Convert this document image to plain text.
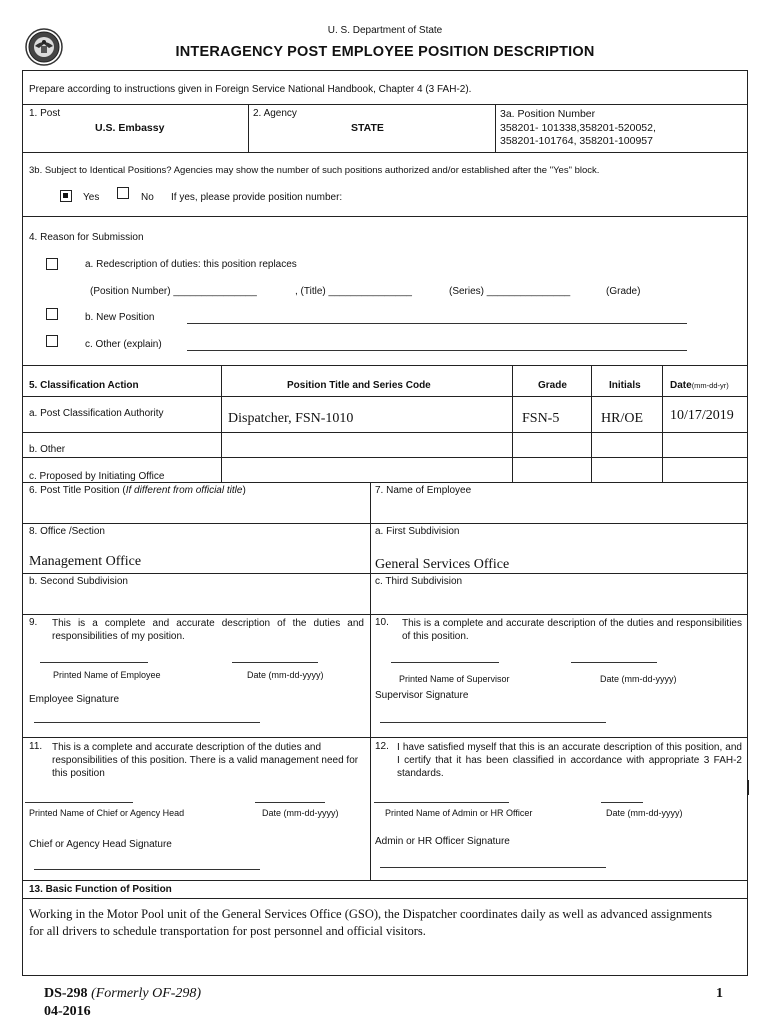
U. S. Department of State
INTERAGENCY POST EMPLOYEE POSITION DESCRIPTION
Prepare according to instructions given in Foreign Service National Handbook, Chapter 4 (3 FAH-2).
1. Post
U.S. Embassy
2. Agency
STATE
3a. Position Number
358201- 101338,358201-520052,
358201-101764, 358201-100957
3b. Subject to Identical Positions? Agencies may show the number of such positions authorized and/or established after the "Yes" block.
Yes	No If yes, please provide position number:
4. Reason for Submission
a. Redescription of duties: this position replaces
(Position Number) _______________	, (Title) _______________	(Series) _______________	(Grade)
b. New Position
c. Other (explain)
5. Classification Action	Position Title and Series Code	Grade	Initials	Date(mm-dd-yr)
a. Post Classification Authority	Dispatcher, FSN-1010	FSN-5	HR/OE 10/17/2019
b. Other
c. Proposed by Initiating Office
6. Post Title Position (If different from official title)	7. Name of Employee
8. Office /Section
Management Office
a. First Subdivision
General Services Office
b. Second Subdivision	c. Third Subdivision
9. This is a complete and accurate description of the duties and responsibilities of my position.
Printed Name of Employee	Date (mm-dd-yyyy)
Employee Signature
10. This is a complete and accurate description of the duties and responsibilities of this position.
Printed Name of Supervisor	Date (mm-dd-yyyy)
Supervisor Signature
11. This is a complete and accurate description of the duties and responsibilities of this position. There is a valid management need for this position
Printed Name of Chief or Agency Head	Date (mm-dd-yyyy)
Chief or Agency Head Signature
12. I have satisfied myself that this is an accurate description of this position, and I certify that it has been classified in accordance with appropriate 3 FAH-2 standards.
Printed Name of Admin or HR Officer	Date (mm-dd-yyyy)
Admin or HR Officer Signature
13. Basic Function of Position
Working in the Motor Pool unit of the General Services Office (GSO), the Dispatcher coordinates daily as well as advanced assignments for all drivers to schedule transportation for post personnel and official visitors.
DS-298 (Formerly OF-298)
04-2016
1
